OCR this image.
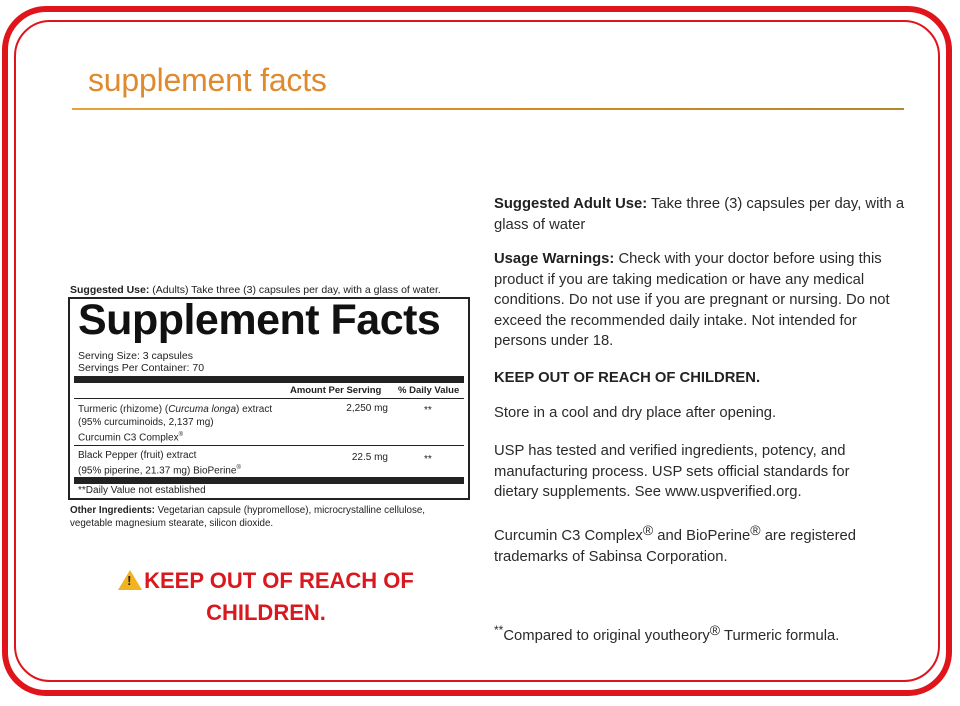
supplement facts
Suggested Use: (Adults) Take three (3) capsules per day, with a glass of water.
Supplement Facts
Serving Size: 3 capsules
Servings Per Container: 70
Amount Per Serving % Daily Value
Turmeric (rhizome) (Curcuma longa) extract
(95% curcuminoids, 2,137 mg)
Curcumin C3 Complex®
2,250 mg	**
Black Pepper (fruit) extract
(95% piperine, 21.37 mg) BioPerine®
22.5 mg	**
**Daily Value not established
Other Ingredients: Vegetarian capsule (hypromellose), microcrystalline cellulose, vegetable magnesium stearate, silicon dioxide.
! KEEP OUT OF REACH OF
CHILDREN.
Suggested Adult Use: Take three (3) capsules per day, with a glass of water
Usage Warnings: Check with your doctor before using this product if you are taking medication or have any medical conditions. Do not use if you are pregnant or nursing. Do not exceed the recommended daily intake. Not intended for persons under 18.
KEEP OUT OF REACH OF CHILDREN.
Store in a cool and dry place after opening.
USP has tested and verified ingredients, potency, and manufacturing process. USP sets official standards for dietary supplements. See www.uspverified.org.
Curcumin C3 Complex® and BioPerine® are registered trademarks of Sabinsa Corporation.
**Compared to original youtheory® Turmeric formula.
